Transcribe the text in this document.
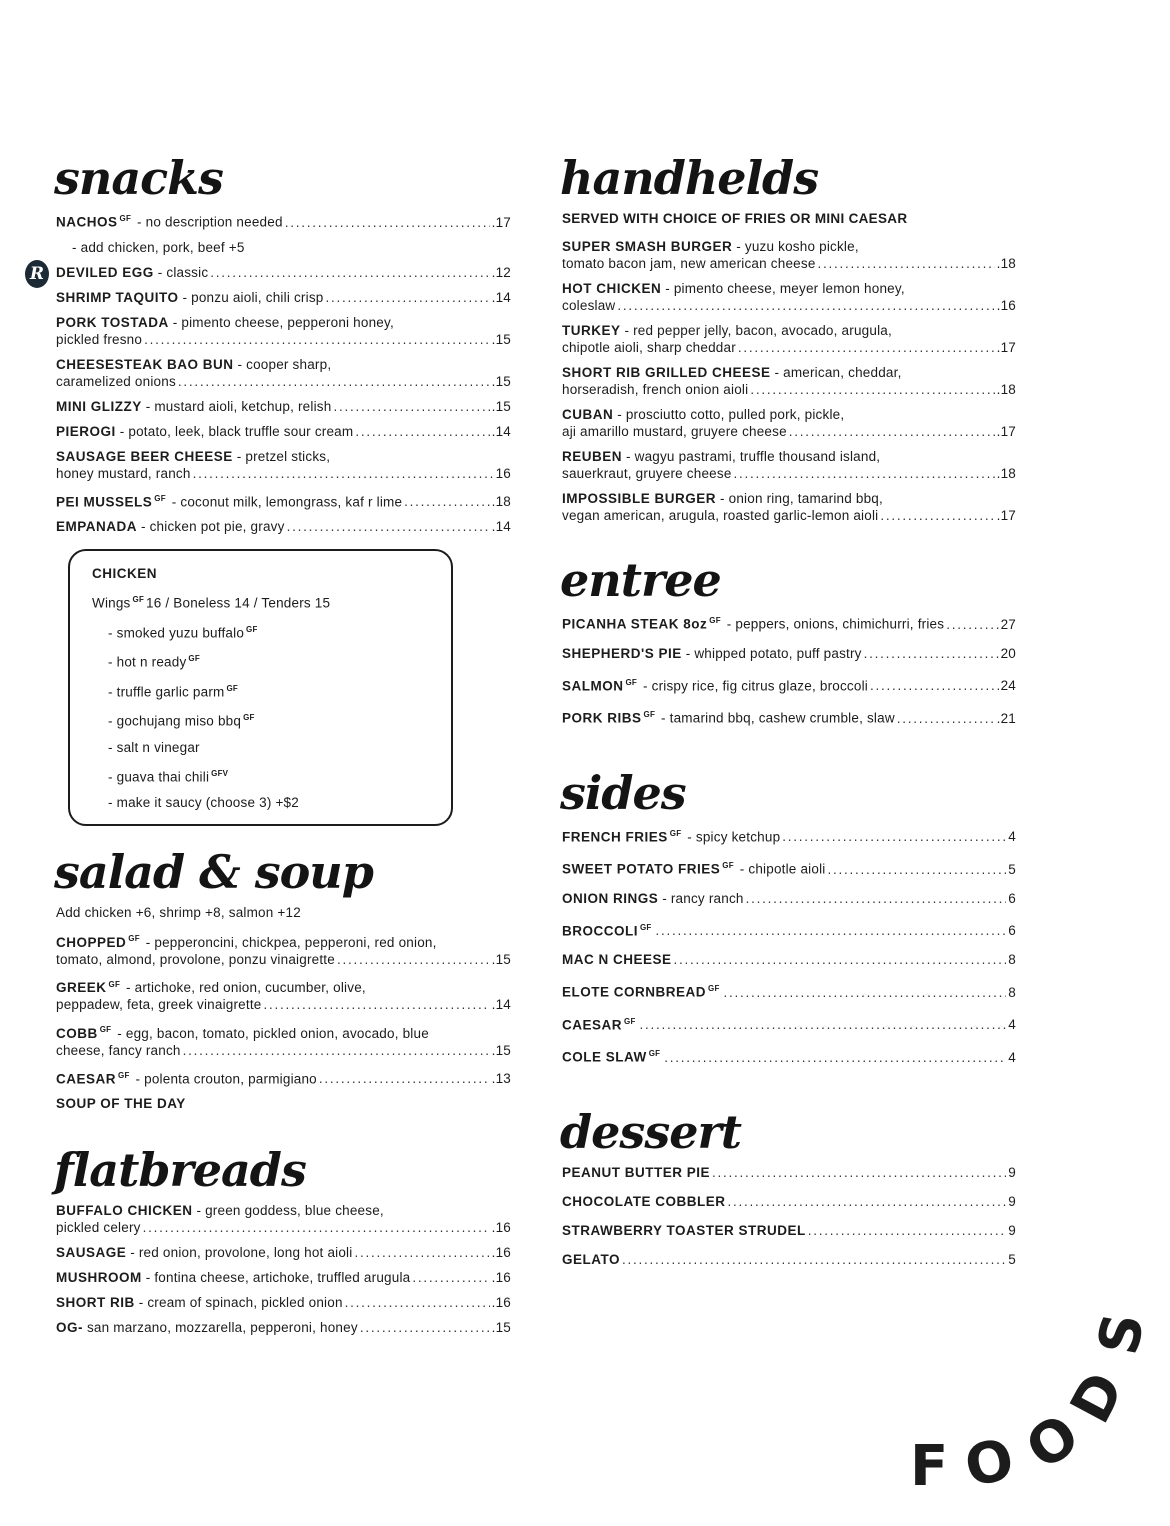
R
snacks
NACHOS $^{GF}$ - no description needed . . .	.17
- add chicken, pork, beef +5
DEVILED EGG - classic . . .	.12
SHRIMP TAQUITO - ponzu aioli, chili crisp . . .	.14
PORK TOSTADA - pimento cheese, pepperoni honey,
pickled fresno . . .	.15
CHEESESTEAK BAO BUN - cooper sharp,
caramelized onions . . .	.15
MINI GLIZZY - mustard aioli, ketchup, relish . . .	.15
PIEROGI - potato, leek, black truffle sour cream . . .	.14
SAUSAGE BEER CHEESE - pretzel sticks,
honey mustard, ranch . . .	16
PEI MUSSELS $^{GF}$ - coconut milk, lemongrass, kaf r lime . . .	.18
EMPANADA - chicken pot pie, gravy . . .	.14
CHICKEN
Wings $^{GF}$ 16 / Boneless 14 / Tenders 15
- smoked yuzu buffalo $^{GF}$
- hot n ready $^{GF}$
- truffle garlic parm $^{GF}$
- gochujang miso bbq $^{GF}$
- salt n vinegar
- guava thai chili $^{GFV}$
- make it saucy (choose 3) +$2
salad & soup
Add chicken +6, shrimp +8, salmon +12
CHOPPED $^{GF}$ - pepperoncini, chickpea, pepperoni, red onion,
tomato, almond, provolone, ponzu vinaigrette . . .	.15
GREEK $^{GF}$ - artichoke, red onion, cucumber, olive,
peppadew, feta, greek vinaigrette . . .	.14
COBB $^{GF}$ - egg, bacon, tomato, pickled onion, avocado, blue
cheese, fancy ranch . . .	.15
CAESAR $^{GF}$ - polenta crouton, parmigiano . . .	.13
SOUP OF THE DAY
flatbreads
BUFFALO CHICKEN - green goddess, blue cheese,
pickled celery . . .	.16
SAUSAGE - red onion, provolone, long hot aioli . . .	.16
MUSHROOM - fontina cheese, artichoke, truffled arugula . . .	.16
SHORT RIB - cream of spinach, pickled onion . . .	.16
OG- san marzano, mozzarella, pepperoni, honey . . .	.15
handhelds
SERVED WITH CHOICE OF FRIES OR MINI CAESAR
SUPER SMASH BURGER - yuzu kosho pickle,
tomato bacon jam, new american cheese . . .	.18
HOT CHICKEN - pimento cheese, meyer lemon honey,
coleslaw . . .	.16
TURKEY - red pepper jelly, bacon, avocado, arugula,
chipotle aioli, sharp cheddar . . .	.17
SHORT RIB GRILLED CHEESE - american, cheddar,
horseradish, french onion aioli . . .	.18
CUBAN - prosciutto cotto, pulled pork, pickle,
aji amarillo mustard, gruyere cheese . . .	.17
REUBEN - wagyu pastrami, truffle thousand island,
sauerkraut, gruyere cheese . . .	.18
IMPOSSIBLE BURGER - onion ring, tamarind bbq,
vegan american, arugula, roasted garlic-lemon aioli . . .	.17
entree
PICANHA STEAK 8oz $^{GF}$ - peppers, onions, chimichurri, fries . . .	27
SHEPHERD'S PIE - whipped potato, puff pastry . . .	20
SALMON $^{GF}$ - crispy rice, fig citrus glaze, broccoli . . .	24
PORK RIBS $^{GF}$ - tamarind bbq, cashew crumble, slaw . . .	.21
sides
FRENCH FRIES $^{GF}$ - spicy ketchup . . .	4
SWEET POTATO FRIES $^{GF}$ - chipotle aioli . . .	5
ONION RINGS - rancy ranch . . .	6
BROCCOLI $^{GF}$ . . .	6
MAC N CHEESE . . .	8
ELOTE CORNBREAD $^{GF}$ . . .	8
CAESAR $^{GF}$ . . .	4
COLE SLAW $^{GF}$ . . .	4
dessert
PEANUT BUTTER PIE . . .	9
CHOCOLATE COBBLER . . .	9
STRAWBERRY TOASTER STRUDEL . . .	9
GELATO . . .	5
F O
O
D
S
